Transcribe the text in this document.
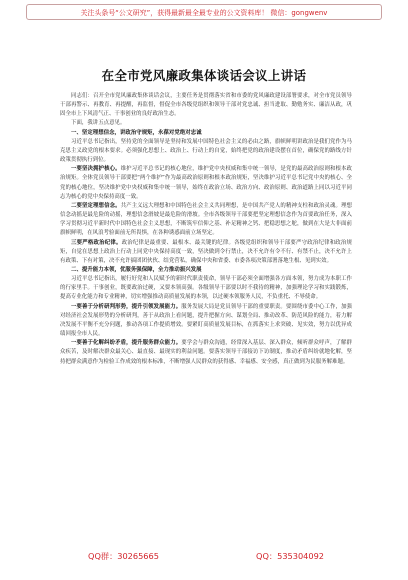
关注头条号“公文研究”，获得最新最全最专业的公文资料库！ 微信：gongwenv
在全市党风廉政集体谈话会议上讲话

同志们：召开全市党风廉政集体谈话会议，主要任务是贯彻落实省和市委的党风廉政建设部署要求，对全市党员领导干部再警示、再教育、再提醒，再监督，督促全市各级党组织和领导干部对党忠诚、担当进取、勤勉务实、廉洁从政，巩固全市上下风清气正、干事创业的良好政治生态。

下面，我讲五点意见。

一、坚定理想信念，讲政治守规矩，永葆对党绝对忠诚

习近平总书记指出，坚持党的全面领导是坚持和发展中国特色社会主义的必由之路，旗帜鲜明讲政治是我们党作为马克思主义政党的根本要求。必须强化思想上、政治上、行动上的自觉，始终把党的政治建设摆在首位，确保党的路线方针政策贯彻执行到位。

一要坚决拥护核心。维护习近平总书记的核心地位，维护党中央权威和集中统一领导，是党的最高政治原则和根本政治规矩。全体党员领导干部要把“两个维护”作为最高政治原则和根本政治规矩，坚决维护习近平总书记党中央的核心、全党的核心地位，坚决维护党中央权威和集中统一领导，始终在政治立场、政治方向、政治原则、政治道路上同以习近平同志为核心的党中央保持高度一致。

二要坚定理想信念。共产主义远大理想和中国特色社会主义共同理想，是中国共产党人的精神支柱和政治灵魂。理想信念动摇是最危险的动摇，理想信念滑坡是最危险的滑坡。全市各级领导干部要把坚定理想信念作为首要政治任务，深入学习贯彻习近平新时代中国特色社会主义思想，不断筑牢信仰之基、补足精神之钙、把稳思想之舵，做到在大是大非面前旗帜鲜明，在风浪考验面前无所畏惧，在各种诱惑面前立场坚定。

三要严格政治纪律。政治纪律是最重要、最根本、最关键的纪律。各级党组织和领导干部要严守政治纪律和政治规矩，自觉在思想上政治上行动上同党中央保持高度一致，坚决做到令行禁止，决不允许有令不行、有禁不止，决不允许上有政策、下有对策，决不允许搞团团伙伙、结党营私，确保中央和省委、市委各项决策部署落地生根、见到实效。

二、提升能力本领，优服务强保障，全力推动振兴发展

习近平总书记指出，履行好党和人民赋予的新时代职责使命，领导干部必须全面增强各方面本领，努力成为本职工作的行家里手。干事创业，既要政治过硬，又要本领高强。各级领导干部要以时不我待的精神，加强理论学习和实践锻炼，提高专业化能力和专业精神，切实增强推动高质量发展的本领，以过硬本领服务人民，不负重托、不辱使命。

一要善于分析研判形势，提升引领发展能力。服务发展大局是党员领导干部的重要职责。要围绕市委中心工作，加强对经济社会发展形势的分析研判，善于从政治上看问题，提升把握方向、谋划全局、推动改革、防范风险的能力，着力解决发展不平衡不充分问题，推动各项工作提质增效。要紧盯高质量发展目标，在抓落实上求突破、见实效，努力以优异成绩回报全市人民。

一要善于化解纠纷矛盾，提升服务群众能力。要学会与群众沟通，经常深入基层、深入群众，倾听群众呼声，了解群众疾苦，及时解决群众最关心、最直接、最现实的利益问题。要落实领导干部接访下访制度，推动矛盾纠纷就地化解，坚持把群众满意作为检验工作成效的根本标准，不断增强人民群众的获得感、幸福感、安全感，真正做到为民服务解难题。

QQ群：30265665	QQ：535304092
